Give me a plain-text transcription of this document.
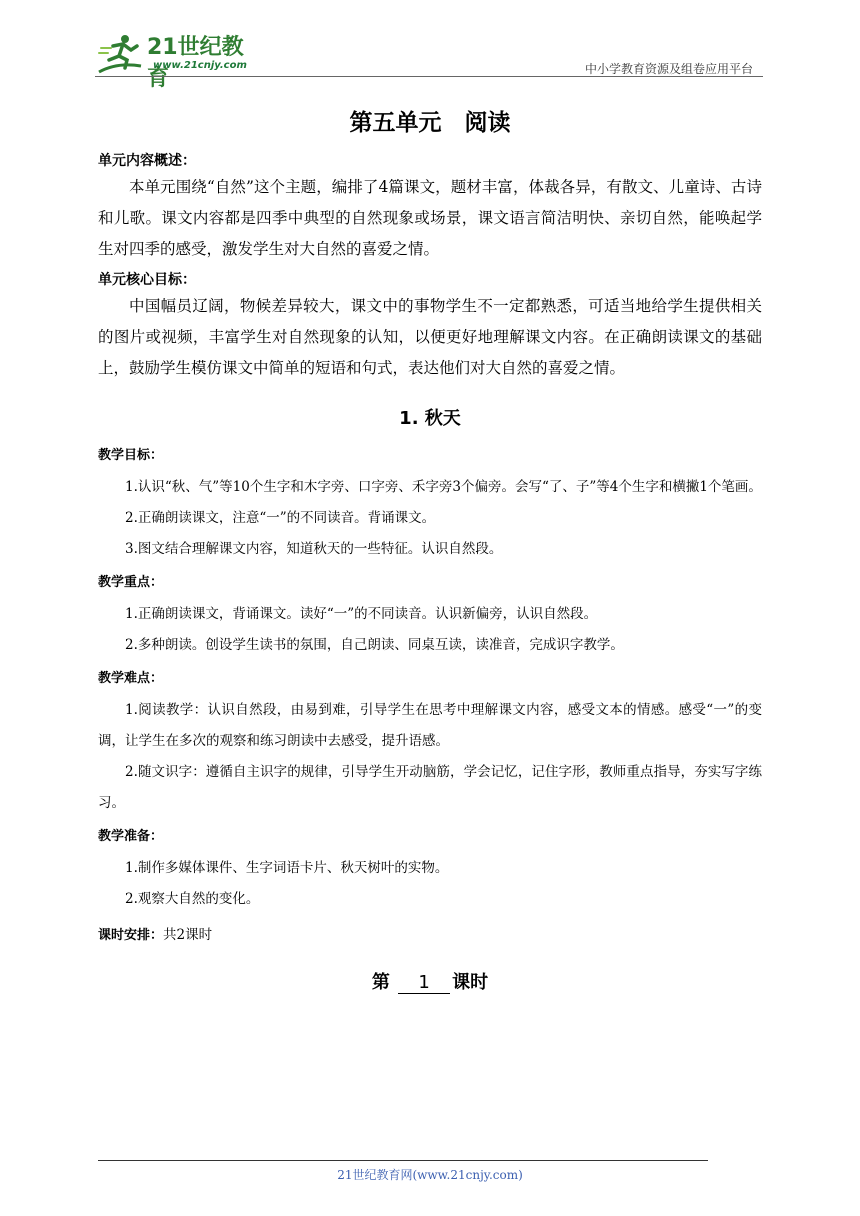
21世纪教育
www.21cnjy.com	中小学教育资源及组卷应用平台
第五单元　阅读
单元内容概述：

本单元围绕“自然”这个主题，编排了4篇课文，题材丰富，体裁各异，有散文、儿童诗、古诗和儿歌。课文内容都是四季中典型的自然现象或场景，课文语言简洁明快、亲切自然，能唤起学生对四季的感受，激发学生对大自然的喜爱之情。

单元核心目标：

中国幅员辽阔，物候差异较大，课文中的事物学生不一定都熟悉，可适当地给学生提供相关的图片或视频，丰富学生对自然现象的认知，以便更好地理解课文内容。在正确朗读课文的基础上，鼓励学生模仿课文中简单的短语和句式，表达他们对大自然的喜爱之情。

1. 秋天
教学目标：

1.认识“秋、气”等10个生字和木字旁、口字旁、禾字旁3个偏旁。会写“了、子”等4个生字和横撇1个笔画。

2.正确朗读课文，注意“一”的不同读音。背诵课文。

3.图文结合理解课文内容，知道秋天的一些特征。认识自然段。

教学重点：

1.正确朗读课文，背诵课文。读好“一”的不同读音。认识新偏旁，认识自然段。

2.多种朗读。创设学生读书的氛围，自己朗读、同桌互读，读准音，完成识字教学。

教学难点：

1.阅读教学：认识自然段，由易到难，引导学生在思考中理解课文内容，感受文本的情感。感受“一”的变调，让学生在多次的观察和练习朗读中去感受，提升语感。

2.随文识字：遵循自主识字的规律，引导学生开动脑筋，学会记忆，记住字形，教师重点指导，夯实写字练习。

教学准备：

1.制作多媒体课件、生字词语卡片、秋天树叶的实物。

2.观察大自然的变化。

课时安排：共2课时
第 1 课时
21世纪教育网(www.21cnjy.com)
